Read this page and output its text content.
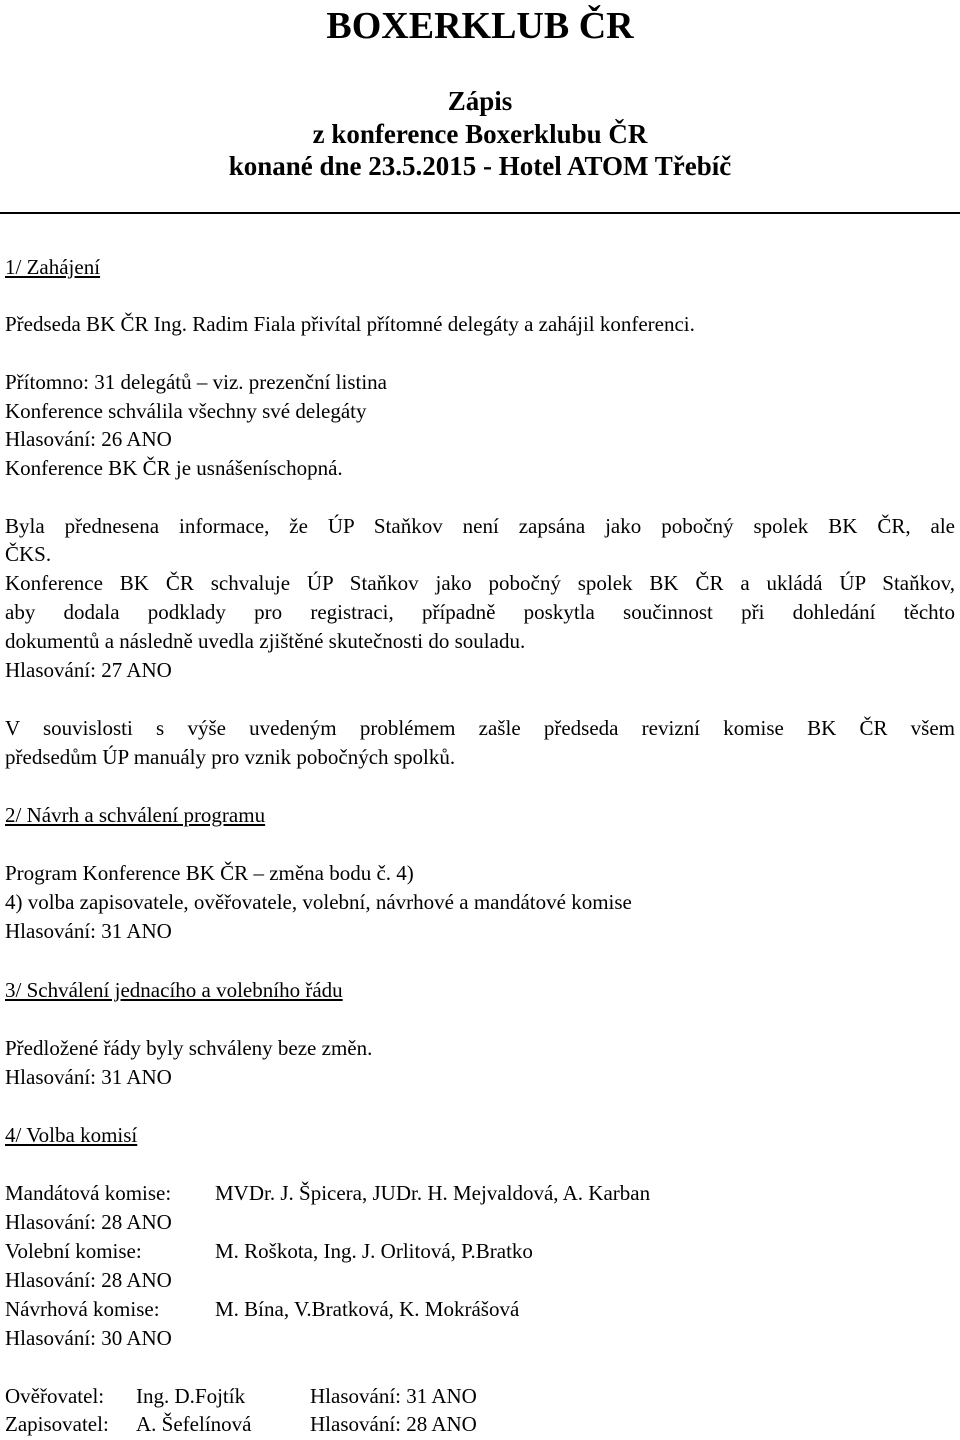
BOXERKLUB ČR
Zápis
z konference Boxerklubu ČR
konané dne 23.5.2015 - Hotel ATOM Třebíč
1/ Zahájení
Předseda BK ČR Ing. Radim Fiala přivítal přítomné delegáty a zahájil konferenci.
Přítomno: 31 delegátů – viz. prezenční listina
Konference schválila všechny své delegáty
Hlasování: 26 ANO
Konference BK ČR je usnášeníschopná.
Byla přednesena informace, že ÚP Staňkov není zapsána jako pobočný spolek BK ČR, ale
ČKS.
Konference BK ČR schvaluje ÚP Staňkov jako pobočný spolek BK ČR a ukládá ÚP Staňkov,
aby dodala podklady pro registraci, případně poskytla součinnost při dohledání těchto
dokumentů a následně uvedla zjištěné skutečnosti do souladu.
Hlasování: 27 ANO
V souvislosti s výše uvedeným problémem zašle předseda revizní komise BK ČR všem
předsedům ÚP manuály pro vznik pobočných spolků.
2/ Návrh a schválení programu
Program Konference BK ČR – změna bodu č. 4)
4) volba zapisovatele, ověřovatele, volební, návrhové a mandátové komise
Hlasování: 31 ANO
3/ Schválení jednacího a volebního řádu
Předložené řády byly schváleny beze změn.
Hlasování: 31 ANO
4/ Volba komisí
Mandátová komise: MVDr. J. Špicera, JUDr. H. Mejvaldová, A. Karban
Hlasování: 28 ANO
Volební komise:	M. Roškota, Ing. J. Orlitová, P.Bratko
Hlasování: 28 ANO
Návrhová komise:	M. Bína, V.Bratková, K. Mokrášová
Hlasování: 30 ANO
Ověřovatel: Ing. D.Fojtík	Hlasování: 31 ANO
Zapisovatel: A. Šefelínová	Hlasování: 28 ANO
